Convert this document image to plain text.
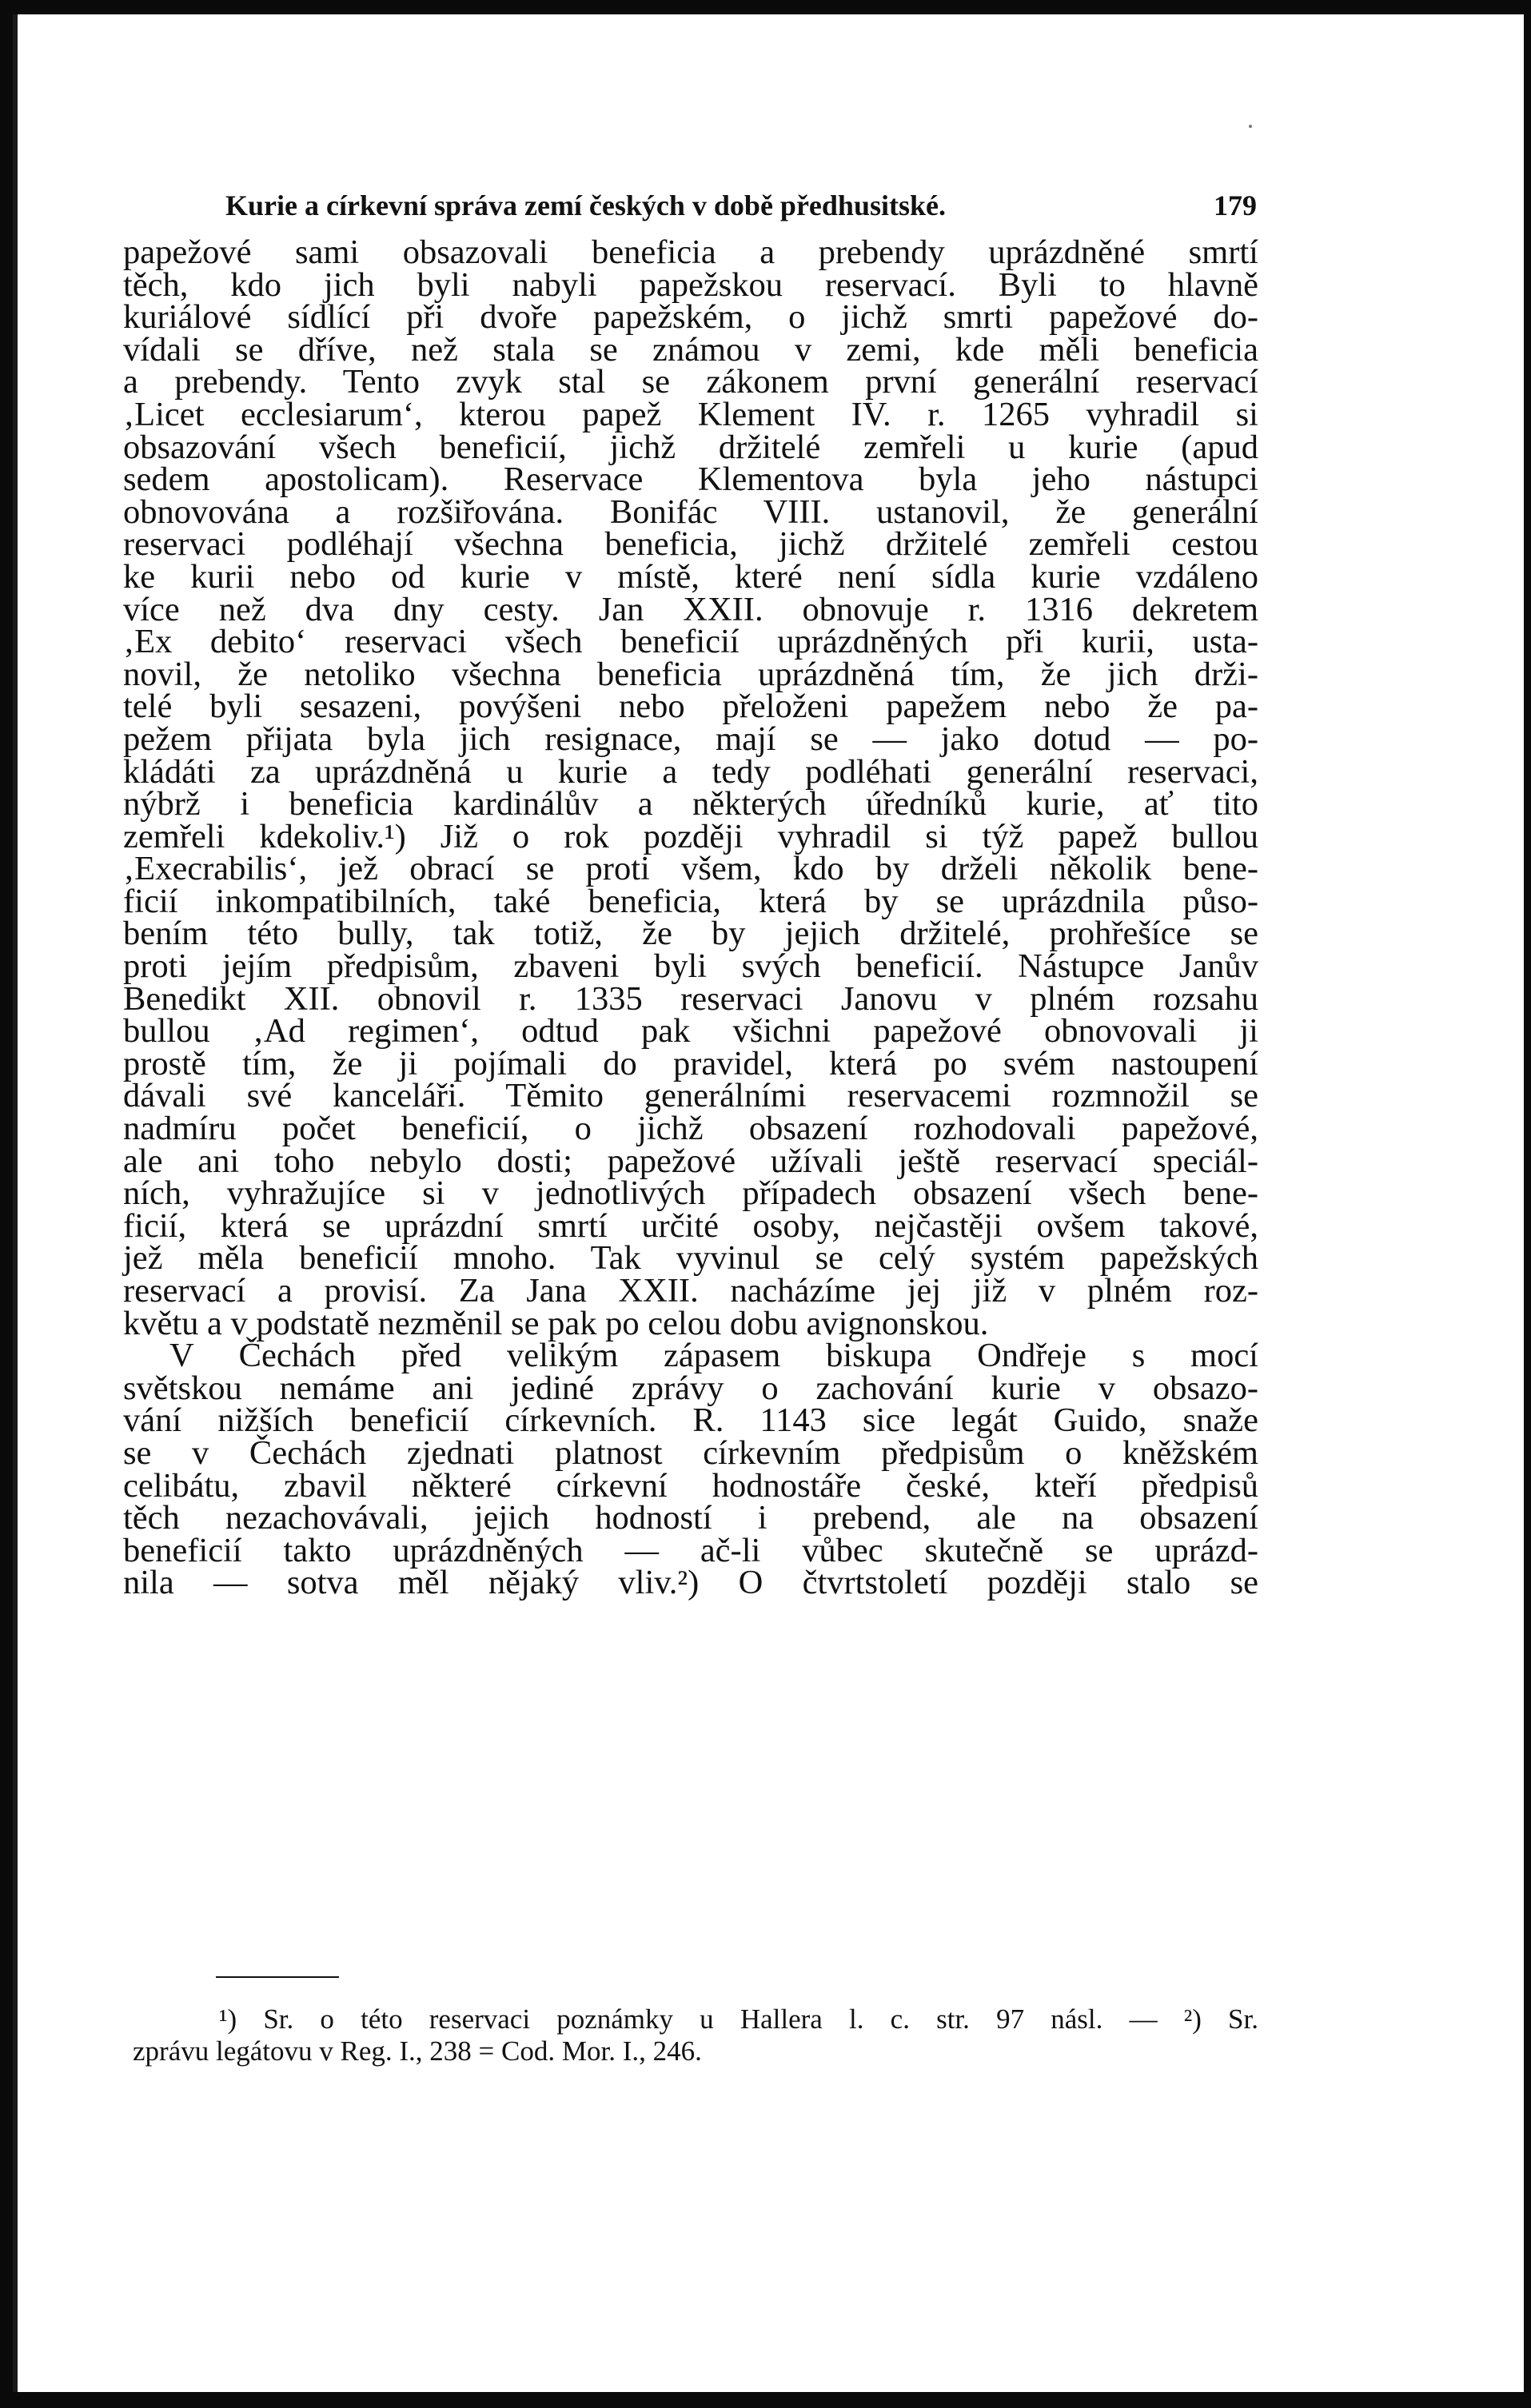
Kurie a církevní správa zemí českých v době předhusitské.	179
papežové sami obsazovali beneficia a prebendy uprázdněné smrtí
těch, kdo jich byli nabyli papežskou reservací. Byli to hlavně
kuriálové sídlící při dvoře papežském, o jichž smrti papežové do-
vídali se dříve, než stala se známou v zemi, kde měli beneficia
a prebendy. Tento zvyk stal se zákonem první generální reservací
‚Licet ecclesiarum‘, kterou papež Klement IV. r. 1265 vyhradil si
obsazování všech beneficií, jichž držitelé zemřeli u kurie (apud
sedem apostolicam). Reservace Klementova byla jeho nástupci
obnovována a rozšiřována. Bonifác VIII. ustanovil, že generální
reservaci podléhají všechna beneficia, jichž držitelé zemřeli cestou
ke kurii nebo od kurie v místě, které není sídla kurie vzdáleno
více než dva dny cesty. Jan XXII. obnovuje r. 1316 dekretem
‚Ex debito‘ reservaci všech beneficií uprázdněných při kurii, usta-
novil, že netoliko všechna beneficia uprázdněná tím, že jich drži-
telé byli sesazeni, povýšeni nebo přeloženi papežem nebo že pa-
pežem přijata byla jich resignace, mají se — jako dotud — po-
kládáti za uprázdněná u kurie a tedy podléhati generální reservaci,
nýbrž i beneficia kardinálův a některých úředníků kurie, ať tito
zemřeli kdekoliv.¹) Již o rok později vyhradil si týž papež bullou
‚Execrabilis‘, jež obrací se proti všem, kdo by drželi několik bene-
ficií inkompatibilních, také beneficia, která by se uprázdnila půso-
bením této bully, tak totiž, že by jejich držitelé, prohřešíce se
proti jejím předpisům, zbaveni byli svých beneficií. Nástupce Janův
Benedikt XII. obnovil r. 1335 reservaci Janovu v plném rozsahu
bullou ‚Ad regimen‘, odtud pak všichni papežové obnovovali ji
prostě tím, že ji pojímali do pravidel, která po svém nastoupení
dávali své kanceláři. Těmito generálními reservacemi rozmnožil se
nadmíru počet beneficií, o jichž obsazení rozhodovali papežové,
ale ani toho nebylo dosti; papežové užívali ještě reservací speciál-
ních, vyhražujíce si v jednotlivých případech obsazení všech bene-
ficií, která se uprázdní smrtí určité osoby, nejčastěji ovšem takové,
jež měla beneficií mnoho. Tak vyvinul se celý systém papežských
reservací a provisí. Za Jana XXII. nacházíme jej již v plném roz-
květu a v podstatě nezměnil se pak po celou dobu avignonskou.
V Čechách před velikým zápasem biskupa Ondřeje s mocí
světskou nemáme ani jediné zprávy o zachování kurie v obsazo-
vání nižších beneficií církevních. R. 1143 sice legát Guido, snaže
se v Čechách zjednati platnost církevním předpisům o kněžském
celibátu, zbavil některé církevní hodnostáře české, kteří předpisů
těch nezachovávali, jejich hodností i prebend, ale na obsazení
beneficií takto uprázdněných — ač-li vůbec skutečně se uprázd-
nila — sotva měl nějaký vliv.²) O čtvrtstoletí později stalo se
¹) Sr. o této reservaci poznámky u Hallera l. c. str. 97 násl. — ²) Sr.
zprávu legátovu v Reg. I., 238 = Cod. Mor. I., 246.
